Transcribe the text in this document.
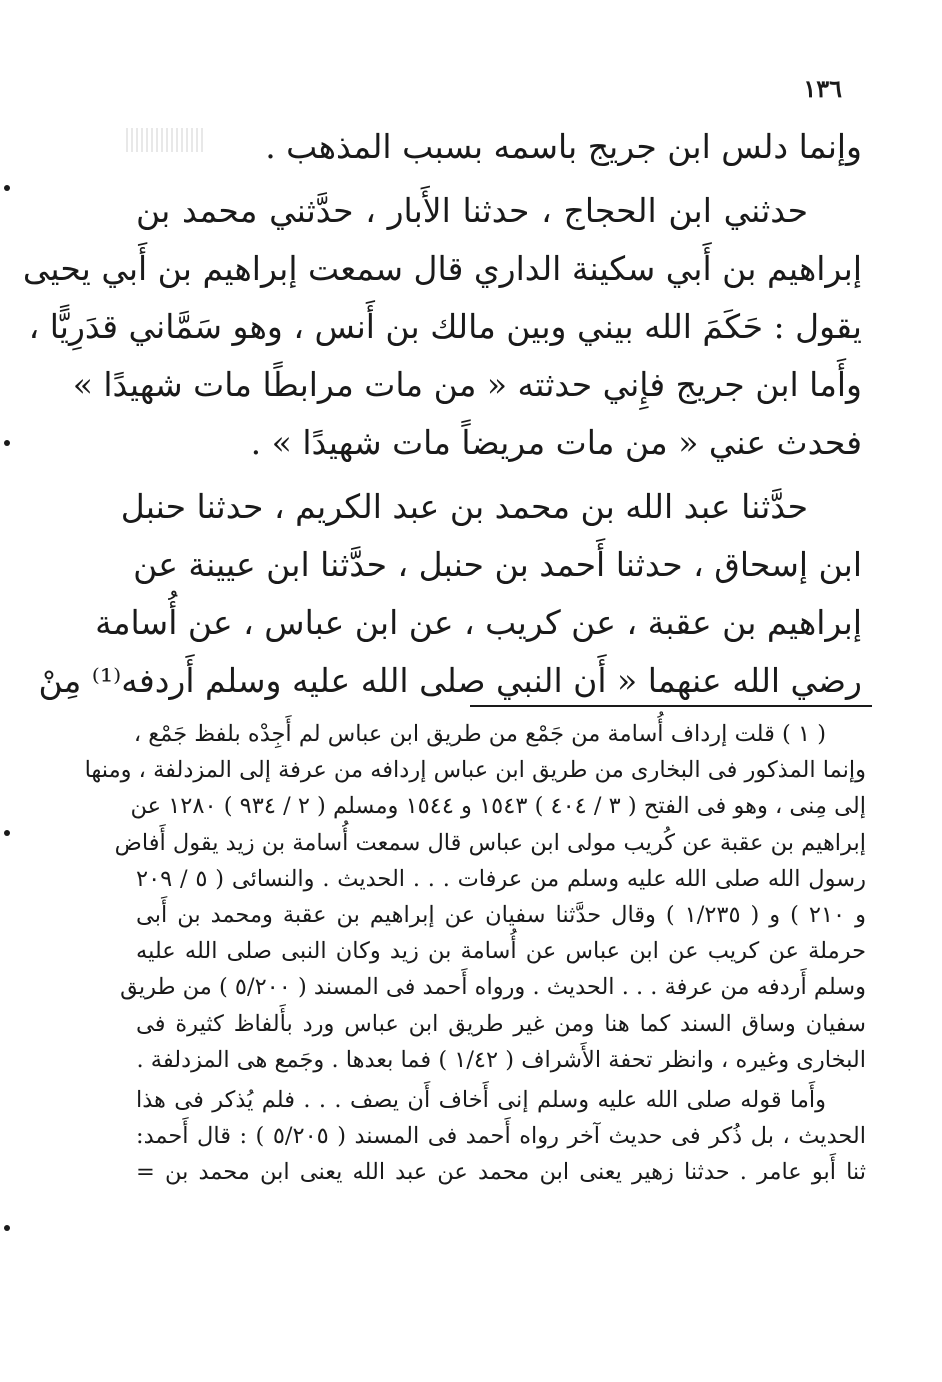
١٣٦
وإنما دلس ابن جريج باسمه بسبب المذهب .
حدثني ابن الحجاج ، حدثنا الأَبار ، حدَّثني محمد بن
إبراهيم بن أَبي سكينة الداري قال سمعت إبراهيم بن أَبي يحيى
يقول : حَكَمَ الله بيني وبين مالك بن أَنس ، وهو سَمَّاني قدَرِيًّا ،
وأَما ابن جريج فإِني حدثته « من مات مرابطًا مات شهيدًا »
فحدث عني « من مات مريضاً مات شهيدًا » .
حدَّثنا عبد الله بن محمد بن عبد الكريم ، حدثنا حنبل
ابن إسحاق ، حدثنا أَحمد بن حنبل ، حدَّثنا ابن عيينة عن
إبراهيم بن عقبة ، عن كريب ، عن ابن عباس ، عن أُسامة
رضي الله عنهما « أَن النبي صلى الله عليه وسلم أَردفه⁽¹⁾ مِنْ
( ١ ) قلت إرداف أُسامة من جَمْع من طريق ابن عباس لم أَجِدْه بلفظ جَمْع ،
وإنما المذكور فى البخارى من طريق ابن عباس إردافه من عرفة إلى المزدلفة ، ومنها
إلى مِنى ، وهو فى الفتح ( ٣ / ٤٠٤ ) ١٥٤٣ و ١٥٤٤ ومسلم ( ٢ / ٩٣٤ ) ١٢٨٠ عن
إبراهيم بن عقبة عن كُريب مولى ابن عباس قال سمعت أُسامة بن زيد يقول أَفاض
رسول الله صلى الله عليه وسلم من عرفات . . . الحديث . والنسائى ( ٥ / ٢٠٩
و ٢١٠ ) و ( ١/٢٣٥ ) وقال حدَّثنا سفيان عن إبراهيم بن عقبة ومحمد بن أَبى
حرملة عن كريب عن ابن عباس عن أُسامة بن زيد وكان النبى صلى الله عليه
وسلم أَردفه من عرفة . . . الحديث . ورواه أَحمد فى المسند ( ٥/٢٠٠ ) من طريق
سفيان وساق السند كما هنا ومن غير طريق ابن عباس ورد بأَلفاظ كثيرة فى
البخارى وغيره ، وانظر تحفة الأَشراف ( ١/٤٢ ) فما بعدها . وجَمع هى المزدلفة .
وأَما قوله صلى الله عليه وسلم إنى أَخاف أَن يصف . . . فلم يُذكر فى هذا
الحديث ، بل ذُكر فى حديث آخر رواه أَحمد فى المسند ( ٥/٢٠٥ ) : قال أَحمد:
ثنا أَبو عامر . حدثنا زهير يعنى ابن محمد عن عبد الله يعنى ابن محمد بن =
